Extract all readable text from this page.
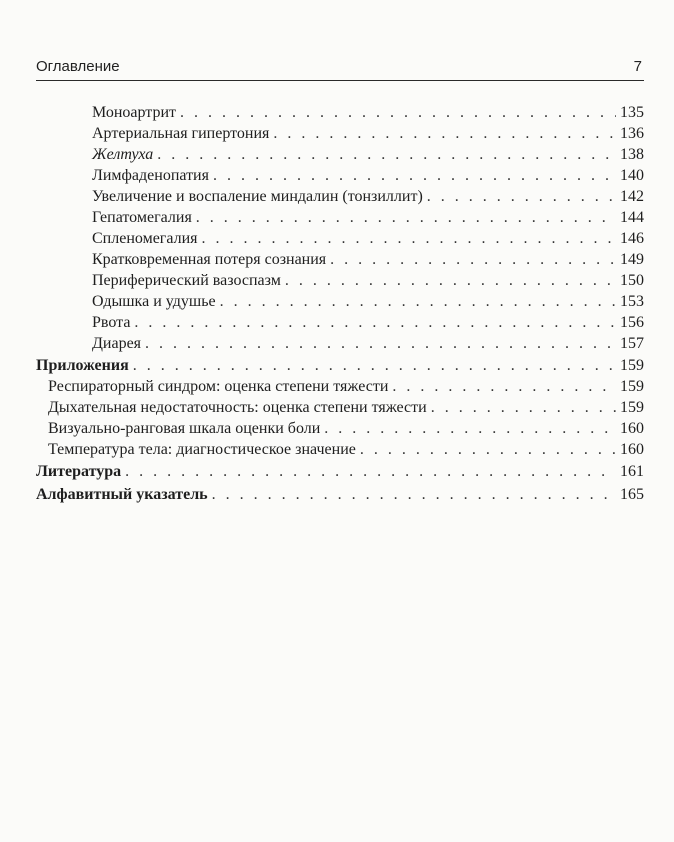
Оглавление	7
Моноартрит . . .	135
Артериальная гипертония . . .	136
Желтуха . . .	138
Лимфаденопатия . . .	140
Увеличение и воспаление миндалин (тонзиллит) . . .	142
Гепатомегалия . . .	144
Спленомегалия . . .	146
Кратковременная потеря сознания . . .	149
Периферический вазоспазм . . .	150
Одышка и удушье . . .	153
Рвота . . .	156
Диарея . . .	157
Приложения . . .	159
Респираторный синдром: оценка степени тяжести . . .	159
Дыхательная недостаточность: оценка степени тяжести . . .	159
Визуально-ранговая шкала оценки боли . . .	160
Температура тела: диагностическое значение . . .	160
Литература . . .	161
Алфавитный указатель . . .	165
